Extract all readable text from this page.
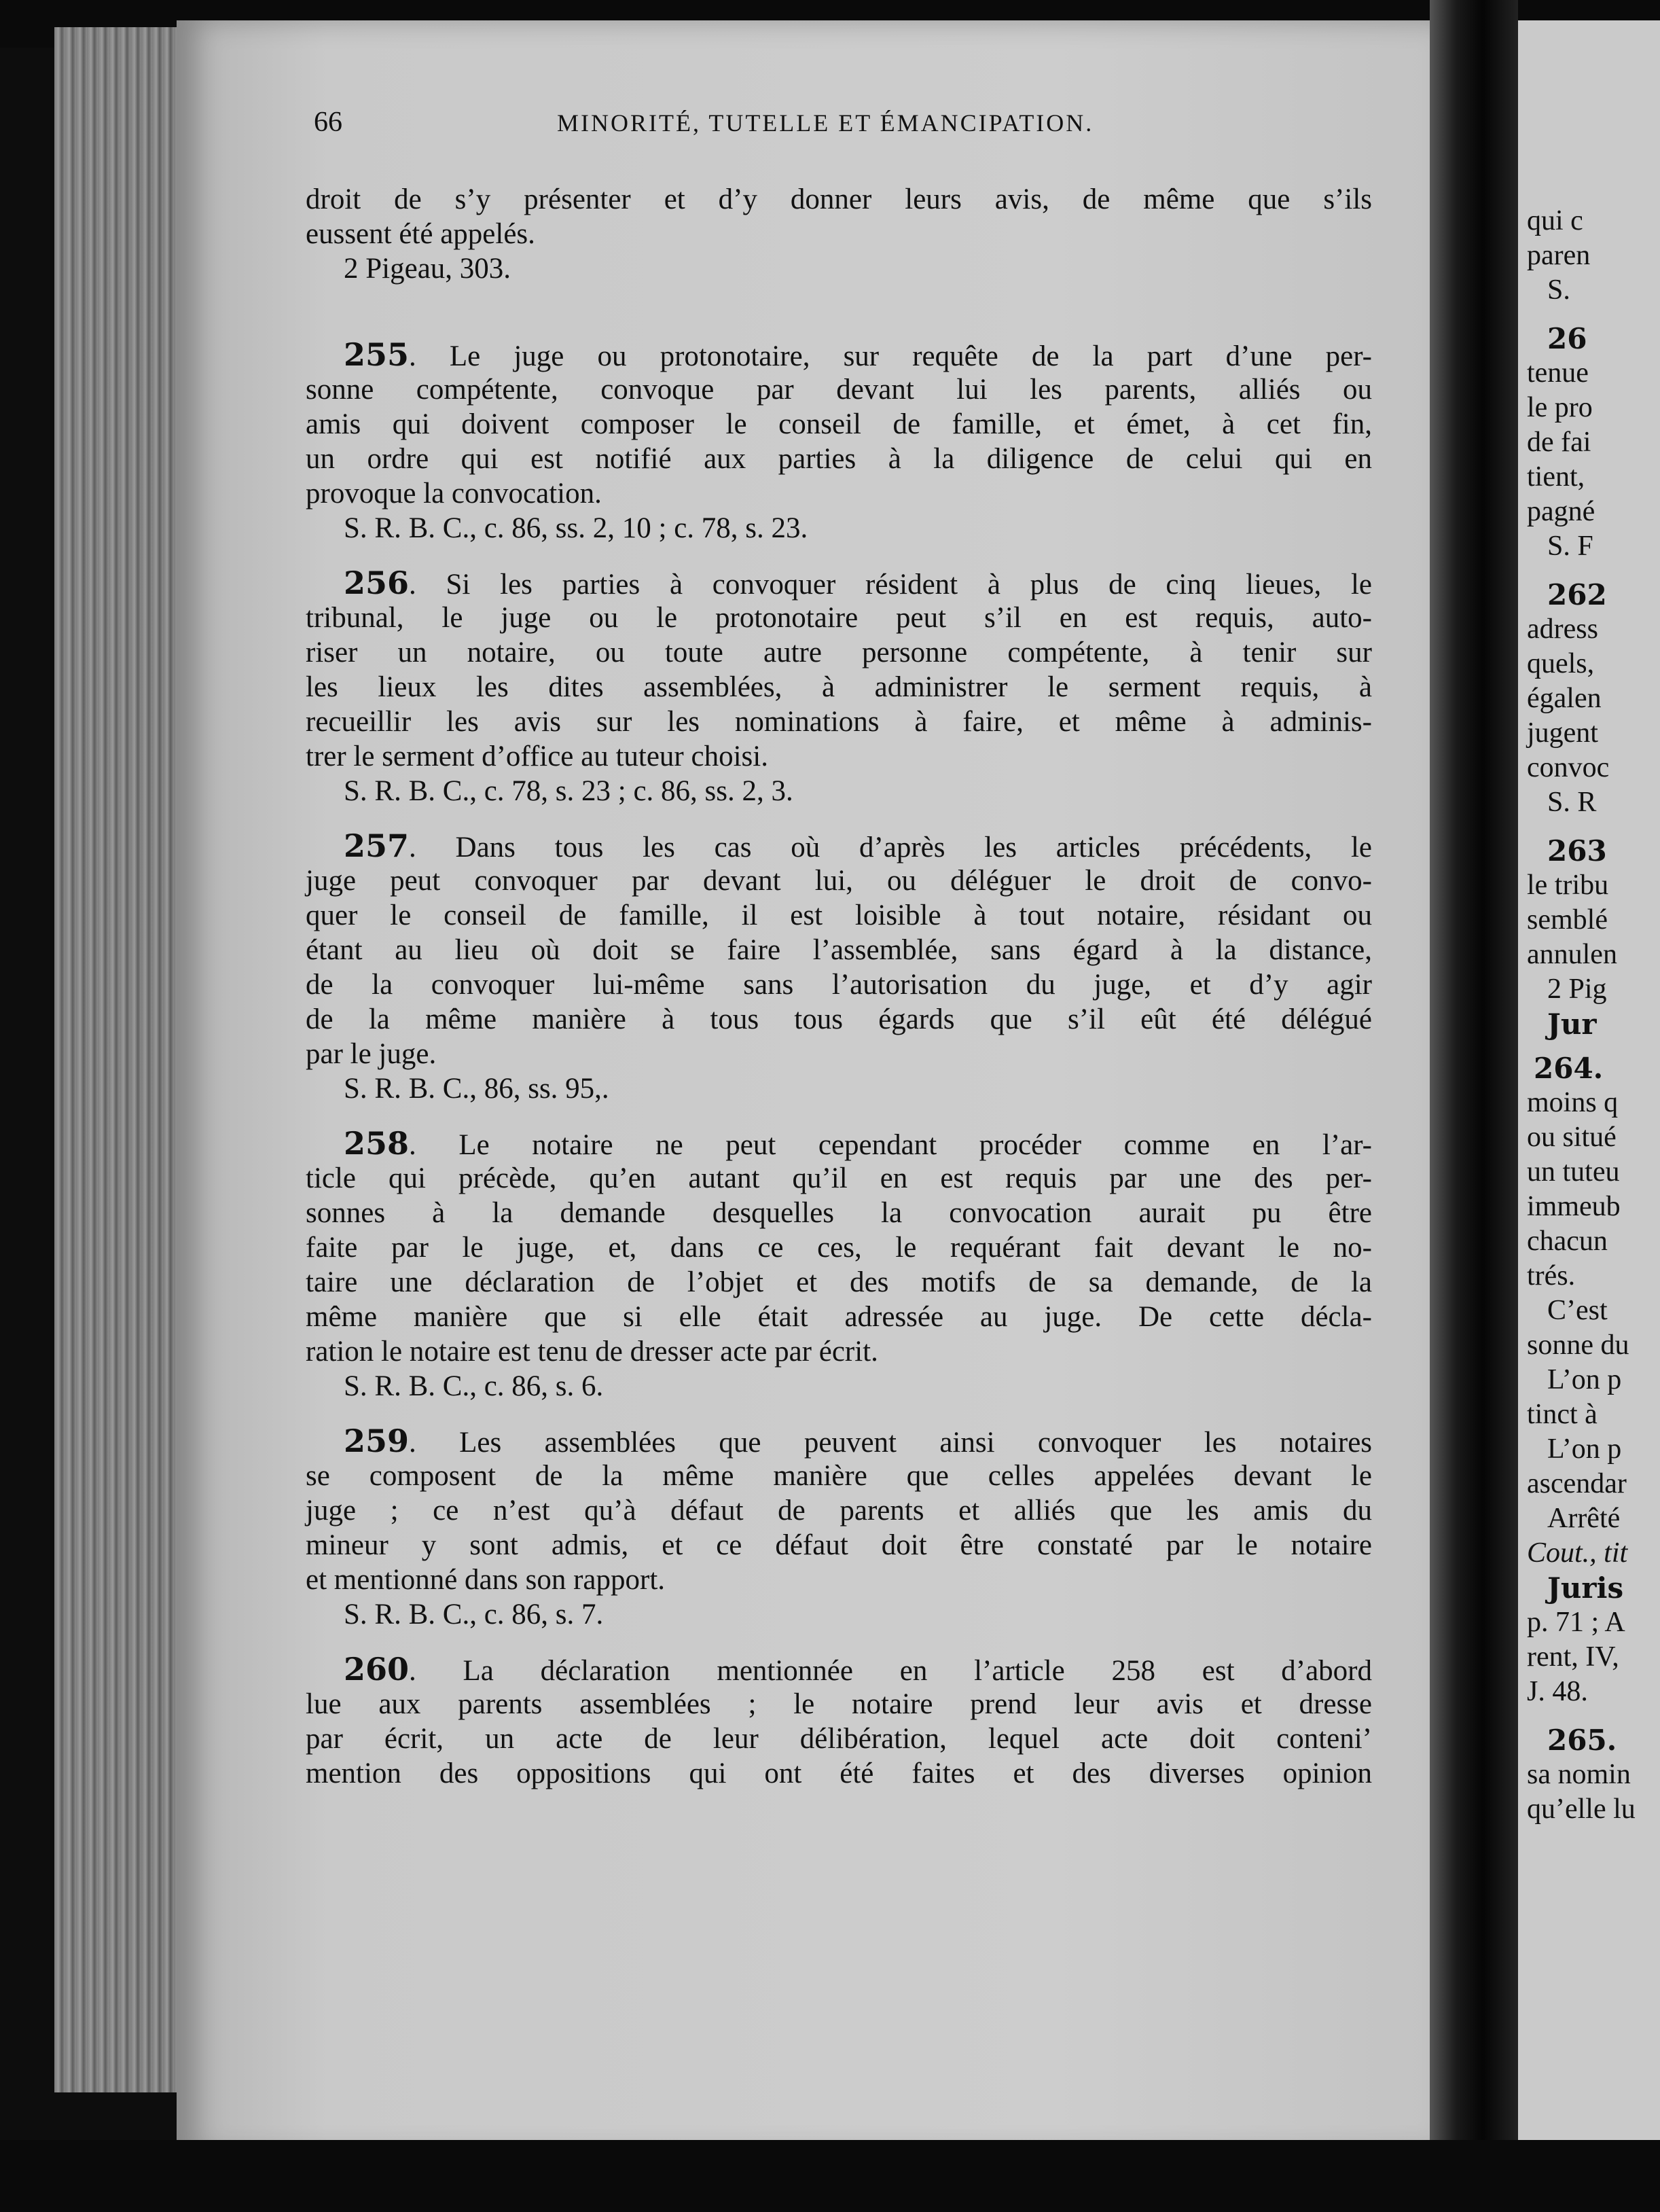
66	MINORITÉ, TUTELLE ET ÉMANCIPATION.
droit de s’y présenter et d’y donner leurs avis, de même que s’ils
eussent été appelés.
2 Pigeau, 303.
255. Le juge ou protonotaire, sur requête de la part d’une per-
sonne compétente, convoque par devant lui les parents, alliés ou
amis qui doivent composer le conseil de famille, et émet, à cet fin,
un ordre qui est notifié aux parties à la diligence de celui qui en
provoque la convocation.
S. R. B. C., c. 86, ss. 2, 10 ; c. 78, s. 23.
256. Si les parties à convoquer résident à plus de cinq lieues, le
tribunal, le juge ou le protonotaire peut s’il en est requis, auto-
riser un notaire, ou toute autre personne compétente, à tenir sur
les lieux les dites assemblées, à administrer le serment requis, à
recueillir les avis sur les nominations à faire, et même à adminis-
trer le serment d’office au tuteur choisi.
S. R. B. C., c. 78, s. 23 ; c. 86, ss. 2, 3.
257. Dans tous les cas où d’après les articles précédents, le
juge peut convoquer par devant lui, ou déléguer le droit de convo-
quer le conseil de famille, il est loisible à tout notaire, résidant ou
étant au lieu où doit se faire l’assemblée, sans égard à la distance,
de la convoquer lui-même sans l’autorisation du juge, et d’y agir
de la même manière à tous tous égards que s’il eût été délégué
par le juge.
S. R. B. C., 86, ss. 95,.
258. Le notaire ne peut cependant procéder comme en l’ar-
ticle qui précède, qu’en autant qu’il en est requis par une des per-
sonnes à la demande desquelles la convocation aurait pu être
faite par le juge, et, dans ce ces, le requérant fait devant le no-
taire une déclaration de l’objet et des motifs de sa demande, de la
même manière que si elle était adressée au juge. De cette décla-
ration le notaire est tenu de dresser acte par écrit.
S. R. B. C., c. 86, s. 6.
259. Les assemblées que peuvent ainsi convoquer les notaires
se composent de la même manière que celles appelées devant le
juge ; ce n’est qu’à défaut de parents et alliés que les amis du
mineur y sont admis, et ce défaut doit être constaté par le notaire
et mentionné dans son rapport.
S. R. B. C., c. 86, s. 7.
260. La déclaration mentionnée en l’article 258 est d’abord
lue aux parents assemblées ; le notaire prend leur avis et dresse
par écrit, un acte de leur délibération, lequel acte doit conteni’
mention des oppositions qui ont été faites et des diverses opinion
qui c
paren
S.
26
tenue
le pro
de fai
tient,
pagné
S. F
262
adress
quels,
égalen
jugent
convoc
S. R
263
le tribu
semblé
annulen
2 Pig
Jur
264.
moins q
ou situé
un tuteu
immeub
chacun
trés.
C’est
sonne du
L’on p
tinct à
L’on p
ascendar
Arrêté
Cout., tit
Juris
p. 71 ; A
rent, IV,
J. 48.
265.
sa nomin
qu’elle lu
